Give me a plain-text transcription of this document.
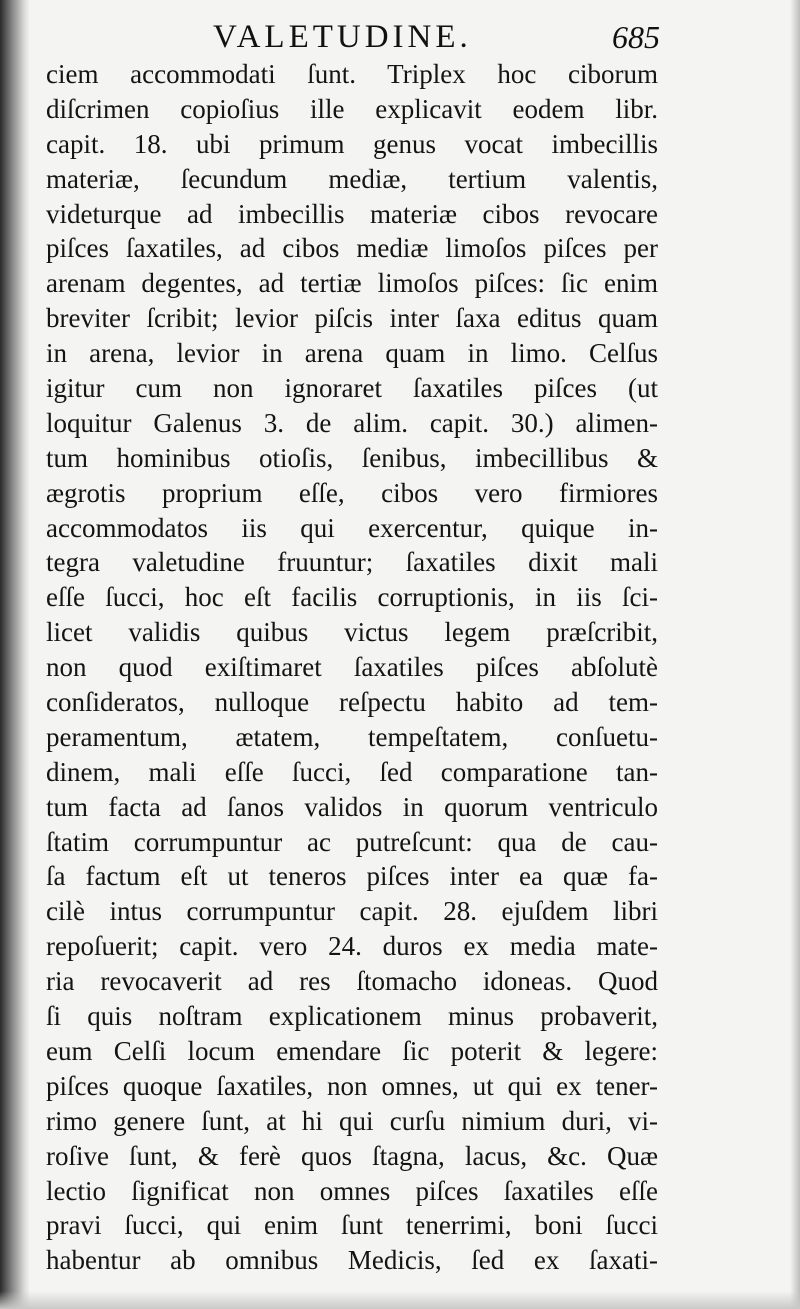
VALETUDINE.	685
ciem accommodati ſunt. Triplex hoc ciborum
diſcrimen copioſius ille explicavit eodem libr.
capit. 18. ubi primum genus vocat imbecillis
materiæ, ſecundum mediæ, tertium valentis,
videturque ad imbecillis materiæ cibos revocare
piſces ſaxatiles, ad cibos mediæ limoſos piſces per
arenam degentes, ad tertiæ limoſos piſces: ſic enim
breviter ſcribit; levior piſcis inter ſaxa editus quam
in arena, levior in arena quam in limo. Celſus
igitur cum non ignoraret ſaxatiles piſces (ut
loquitur Galenus 3. de alim. capit. 30.) alimen-
tum hominibus otioſis, ſenibus, imbecillibus &
ægrotis proprium eſſe, cibos vero firmiores
accommodatos iis qui exercentur, quique in-
tegra valetudine fruuntur; ſaxatiles dixit mali
eſſe ſucci, hoc eſt facilis corruptionis, in iis ſci-
licet validis quibus victus legem præſcribit,
non quod exiſtimaret ſaxatiles piſces abſolutè
conſideratos, nulloque reſpectu habito ad tem-
peramentum, ætatem, tempeſtatem, conſuetu-
dinem, mali eſſe ſucci, ſed comparatione tan-
tum facta ad ſanos validos in quorum ventriculo
ſtatim corrumpuntur ac putreſcunt: qua de cau-
ſa factum eſt ut teneros piſces inter ea quæ fa-
cilè intus corrumpuntur capit. 28. ejuſdem libri
repoſuerit; capit. vero 24. duros ex media mate-
ria revocaverit ad res ſtomacho idoneas. Quod
ſi quis noſtram explicationem minus probaverit,
eum Celſi locum emendare ſic poterit & legere:
piſces quoque ſaxatiles, non omnes, ut qui ex tener-
rimo genere ſunt, at hi qui curſu nimium duri, vi-
roſive ſunt, & ferè quos ſtagna, lacus, &c. Quæ
lectio ſignificat non omnes piſces ſaxatiles eſſe
pravi ſucci, qui enim ſunt tenerrimi, boni ſucci
habentur ab omnibus Medicis, ſed ex ſaxati-
